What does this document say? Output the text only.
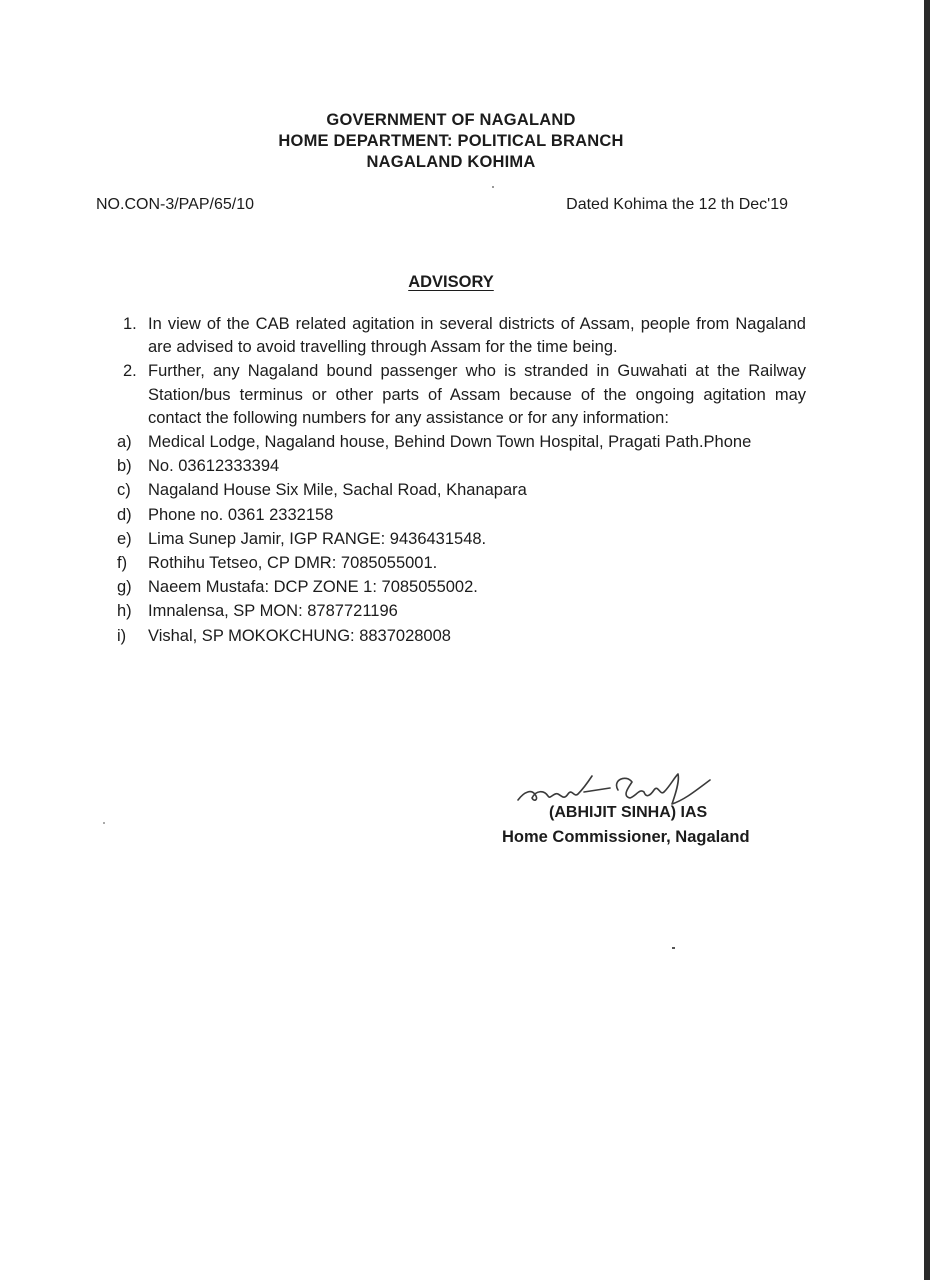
GOVERNMENT OF NAGALAND
HOME DEPARTMENT: POLITICAL BRANCH
NAGALAND KOHIMA
NO.CON-3/PAP/65/10	Dated Kohima the 12 th Dec'19
ADVISORY
1. In view of the CAB related agitation in several districts of Assam, people from Nagaland are advised to avoid travelling through Assam for the time being.
2. Further, any Nagaland bound passenger who is stranded in Guwahati at the Railway Station/bus terminus or other parts of Assam because of the ongoing agitation may contact the following numbers for any assistance or for any information:
a) Medical Lodge, Nagaland house, Behind Down Town Hospital, Pragati Path.Phone
b) No. 03612333394
c)	Nagaland House Six Mile, Sachal Road, Khanapara
d) Phone no. 0361 2332158
e) Lima Sunep Jamir, IGP RANGE: 9436431548.
f)	Rothihu Tetseo, CP DMR: 7085055001.
g) Naeem Mustafa: DCP ZONE 1: 7085055002.
h) Imnalensa, SP MON: 8787721196
i)	Vishal, SP MOKOKCHUNG: 8837028008
(ABHIJIT SINHA) IAS
Home Commissioner, Nagaland
